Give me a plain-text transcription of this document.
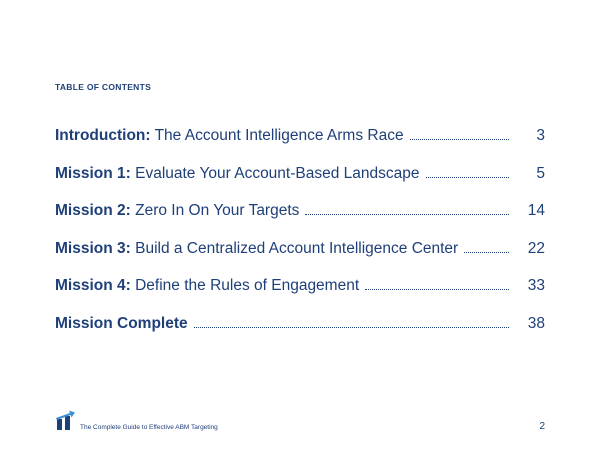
TABLE OF CONTENTS
Introduction: The Account Intelligence Arms Race	3
Mission 1: Evaluate Your Account-Based Landscape	5
Mission 2: Zero In On Your Targets	14
Mission 3: Build a Centralized Account Intelligence Center	22
Mission 4: Define the Rules of Engagement	33
Mission Complete	38
The Complete Guide to Effective ABM Targeting	2
